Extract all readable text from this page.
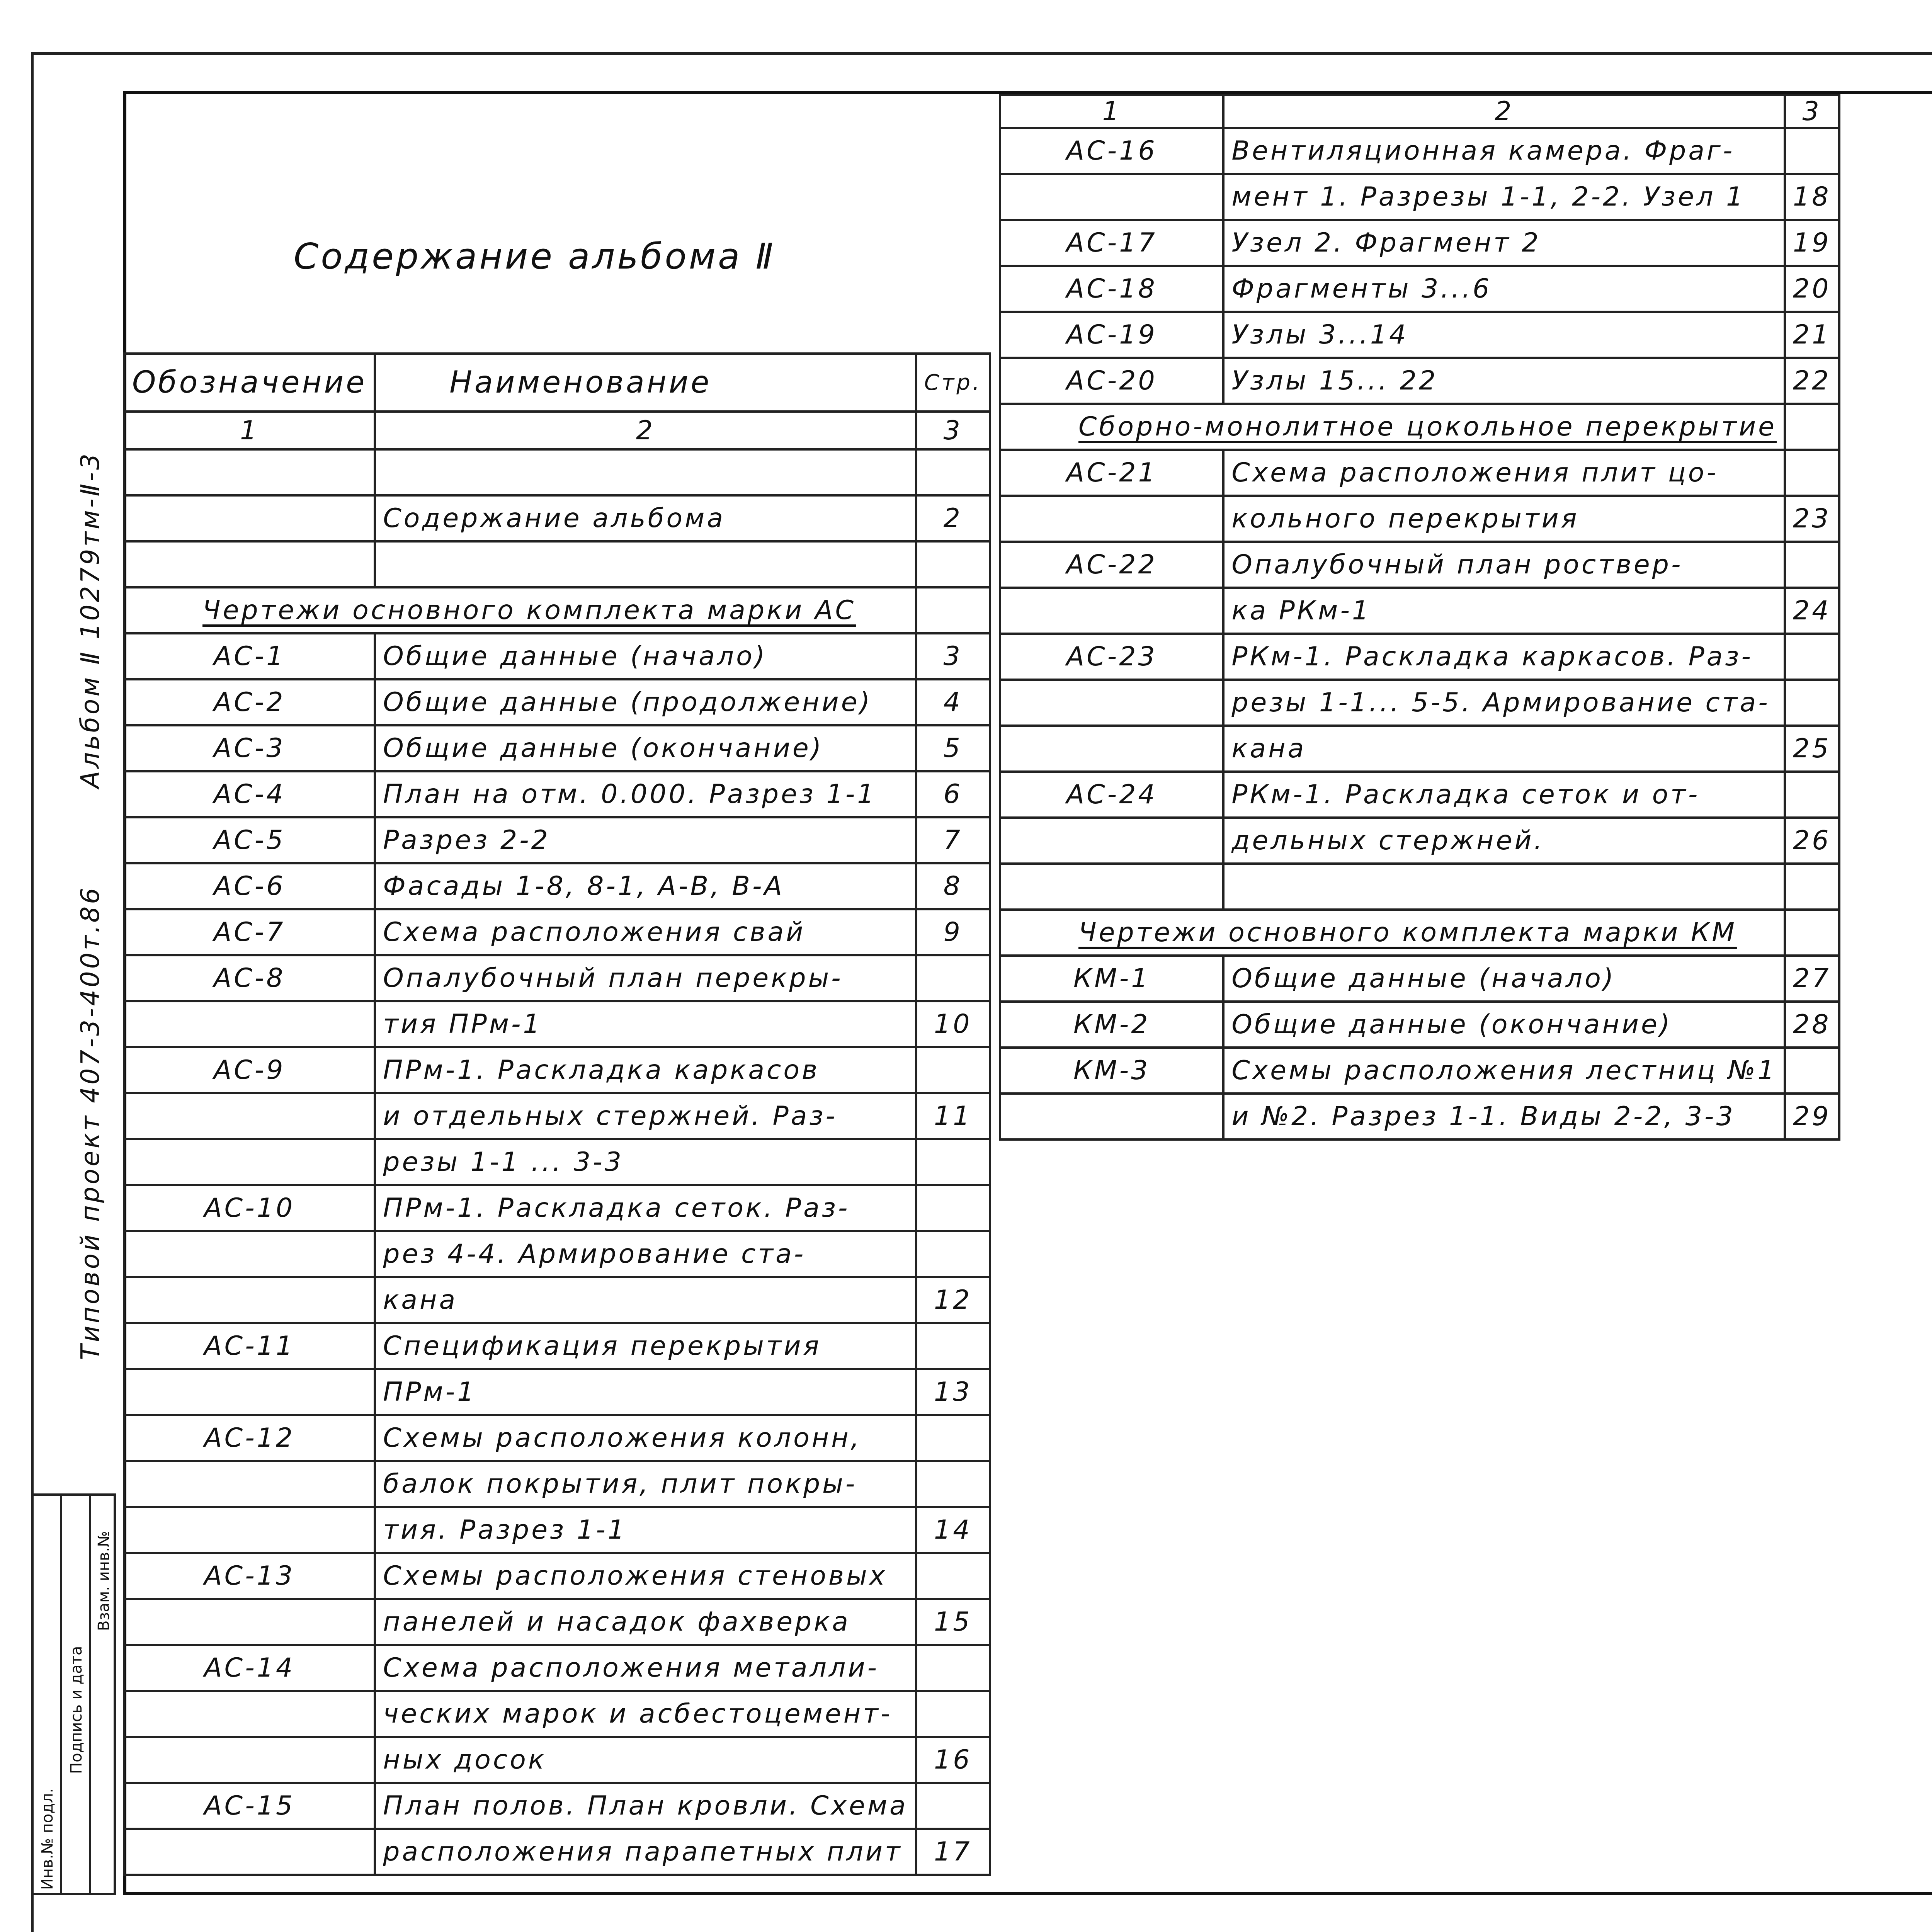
Содержание альбома Ⅱ
Обозначение	Наименование	Стр.
1	2	3

	Содержание альбома	2

Чертежи основного комплекта марки АС		
АС-1	Общие данные (начало)	3
АС-2	Общие данные (продолжение)	4
АС-3	Общие данные (окончание)	5
АС-4	План на отм. 0.000. Разрез 1-1	6
АС-5	Разрез 2-2	7
АС-6	Фасады 1-8, 8-1, А-В, В-А	8
АС-7	Схема расположения свай	9
АС-8	Опалубочный план перекры-	
	тия ПРм-1	10
АС-9	ПРм-1. Раскладка каркасов	
	и отдельных стержней. Раз-	11
	резы 1-1 ... 3-3	
АС-10	ПРм-1. Раскладка сеток. Раз-	
	рез 4-4. Армирование ста-	
	кана	12
АС-11	Спецификация перекрытия	
	ПРм-1	13
АС-12	Схемы расположения колонн,	
	балок покрытия, плит покры-	
	тия. Разрез 1-1	14
АС-13	Схемы расположения стеновых	
	панелей и насадок фахверка	15
АС-14	Схема расположения металли-	
	ческих марок и асбестоцемент-	
	ных досок	16
АС-15	План полов. План кровли. Схема	
	расположения парапетных плит	17
1	2	3
АС-16	Вентиляционная камера. Фраг-	
	мент 1. Разрезы 1-1, 2-2. Узел 1	18
АС-17	Узел 2. Фрагмент 2	19
АС-18	Фрагменты 3...6	20
АС-19	Узлы 3...14	21
АС-20	Узлы 15... 22	22
Сборно-монолитное цокольное перекрытие		
АС-21	Схема расположения плит цо-	
	кольного перекрытия	23
АС-22	Опалубочный план роствер-	
	ка РКм-1	24
АС-23	РКм-1. Раскладка каркасов. Раз-	
	резы 1-1... 5-5. Армирование ста-	
	кана	25
АС-24	РКм-1. Раскладка сеток и от-	
	дельных стержней.	26

Чертежи основного комплекта марки КМ		
КМ-1	Общие данные (начало)	27
КМ-2	Общие данные (окончание)	28
КМ-3	Схемы расположения лестниц №1	
	и №2. Разрез 1-1. Виды 2-2, 3-3	29
Типовой проект 407-3-400т.86
Альбом Ⅱ 10279тм-Ⅱ-3
Инв.№ подл.
Подпись и дата
Взам. инв.№
